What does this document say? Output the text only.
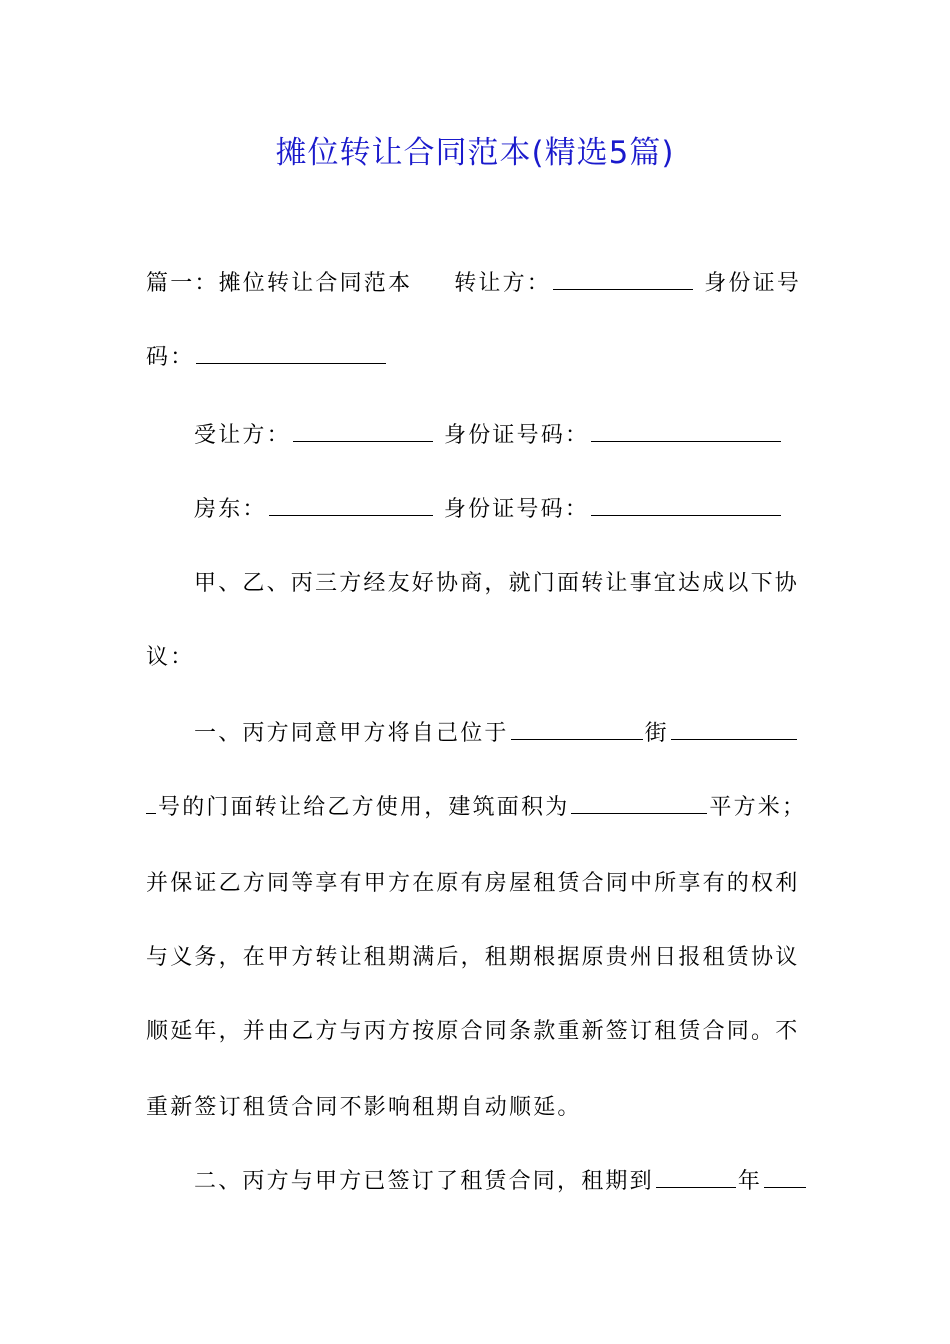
摊位转让合同范本(精选5篇)
篇一：摊位转让合同范本 转让方：	身份证号
码：
受让方：	身份证号码：
房东：	身份证号码：
甲、乙、丙三方经友好协商，就门面转让事宜达成以下协
议：
一、丙方同意甲方将自己位于	街
号的门面转让给乙方使用，建筑面积为	平方米；
并保证乙方同等享有甲方在原有房屋租赁合同中所享有的权利
与义务，在甲方转让租期满后，租期根据原贵州日报租赁协议
顺延年，并由乙方与丙方按原合同条款重新签订租赁合同。不
重新签订租赁合同不影响租期自动顺延。
二、丙方与甲方已签订了租赁合同，租期到	年
